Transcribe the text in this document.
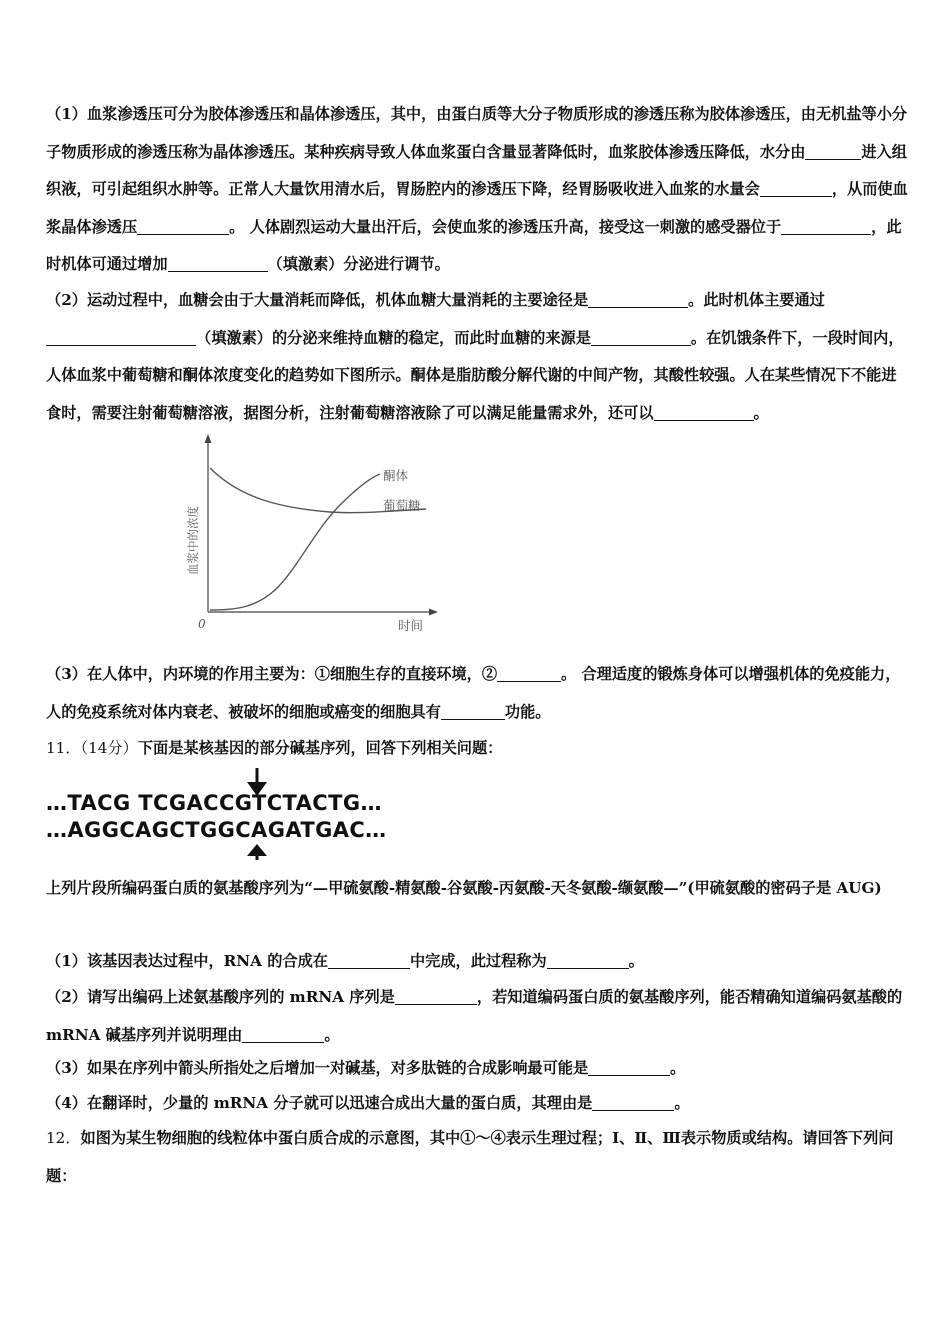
（1）血浆渗透压可分为胶体渗透压和晶体渗透压，其中，由蛋白质等大分子物质形成的渗透压称为胶体渗透压，由无机盐等小分子物质形成的渗透压称为晶体渗透压。某种疾病导致人体血浆蛋白含量显著降低时，血浆胶体渗透压降低，水分由	进入组织液，可引起组织水肿等。正常人大量饮用清水后，胃肠腔内的渗透压下降，经胃肠吸收进入血浆的水量会	，从而使血浆晶体渗透压	。 人体剧烈运动大量出汗后，会使血浆的渗透压升高，接受这一刺激的感受器位于	，此时机体可通过增加	（填激素）分泌进行调节。

（2）运动过程中，血糖会由于大量消耗而降低，机体血糖大量消耗的主要途径是	。此时机体主要通过（填激素）的分泌来维持血糖的稳定，而此时血糖的来源是	。在饥饿条件下，一段时间内，人体血浆中葡萄糖和酮体浓度变化的趋势如下图所示。酮体是脂肪酸分解代谢的中间产物，其酸性较强。人在某些情况下不能进食时，需要注射葡萄糖溶液，据图分析，注射葡萄糖溶液除了可以满足能量需求外，还可以	。

酮体
葡萄糖
时间
0
血浆中的浓度

（3）在人体中，内环境的作用主要为：①细胞生存的直接环境，②	。 合理适度的锻炼身体可以增强机体的免疫能力，人的免疫系统对体内衰老、被破坏的细胞或癌变的细胞具有	功能。

11．（14分）下面是某核基因的部分碱基序列，回答下列相关问题：

…TACG TCGACCGTCTACTG…
…AGGCAGCTGGCAGATGAC…

上列片段所编码蛋白质的氨基酸序列为“—甲硫氨酸-精氨酸-谷氨酸-丙氨酸-天冬氨酸-缬氨酸—”(甲硫氨酸的密码子是 AUG)

（1）该基因表达过程中，RNA 的合成在	中完成，此过程称为	。

（2）请写出编码上述氨基酸序列的 mRNA 序列是	，若知道编码蛋白质的氨基酸序列，能否精确知道编码氨基酸的 mRNA 碱基序列并说明理由	。

（3）如果在序列中箭头所指处之后增加一对碱基，对多肽链的合成影响最可能是	。

（4）在翻译时，少量的 mRNA 分子就可以迅速合成出大量的蛋白质，其理由是	。

12．如图为某生物细胞的线粒体中蛋白质合成的示意图，其中①～④表示生理过程；Ⅰ、Ⅱ、Ⅲ表示物质或结构。请回答下列问题：
